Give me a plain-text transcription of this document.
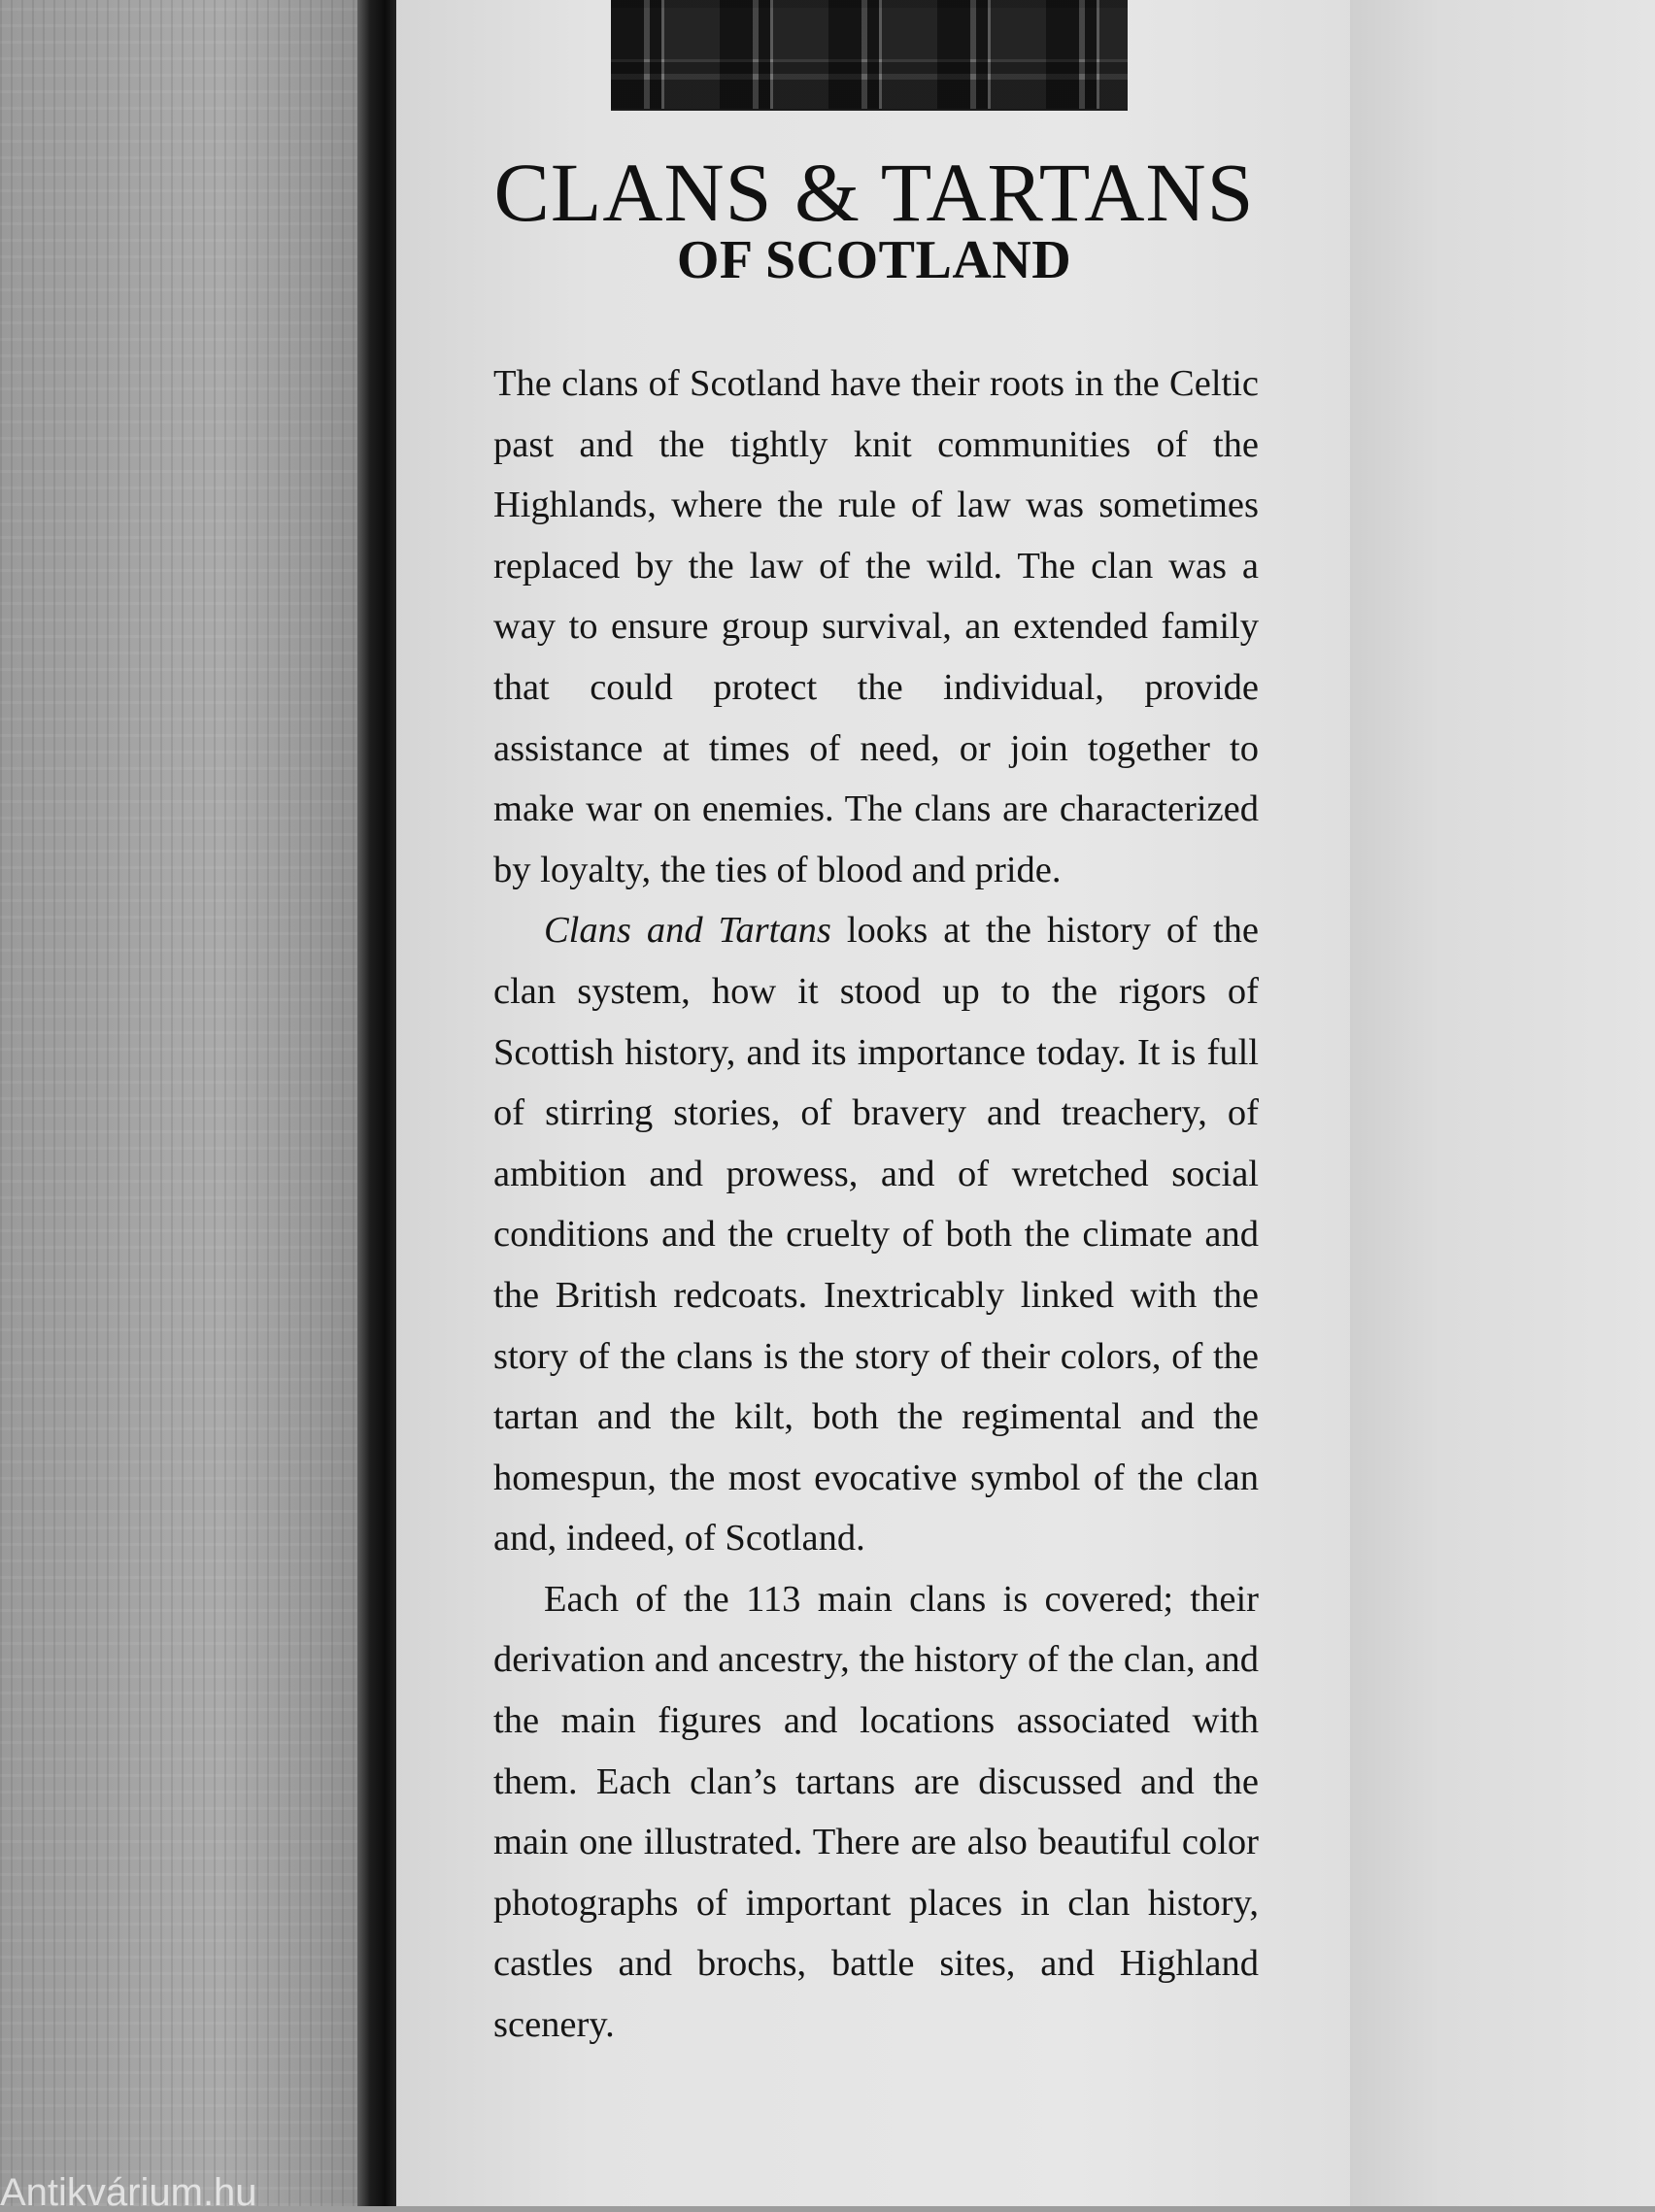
CLANS & TARTANS
OF SCOTLAND

The clans of Scotland have their roots in the Celtic past and the tightly knit communities of the Highlands, where the rule of law was sometimes replaced by the law of the wild. The clan was a way to ensure group survival, an extended family that could protect the individual, provide assistance at times of need, or join together to make war on enemies. The clans are characterized by loyalty, the ties of blood and pride.

Clans and Tartans looks at the history of the clan system, how it stood up to the rigors of Scottish history, and its importance today. It is full of stirring stories, of bravery and treachery, of ambition and prowess, and of wretched social conditions and the cruelty of both the climate and the British redcoats. Inextricably linked with the story of the clans is the story of their colors, of the tartan and the kilt, both the regimental and the homespun, the most evocative symbol of the clan and, indeed, of Scotland.

Each of the 113 main clans is covered; their derivation and ancestry, the history of the clan, and the main figures and locations associated with them. Each clan’s tartans are discussed and the main one illustrated. There are also beautiful color photographs of important places in clan history, castles and brochs, battle sites, and Highland scenery.

Antikvárium.hu
